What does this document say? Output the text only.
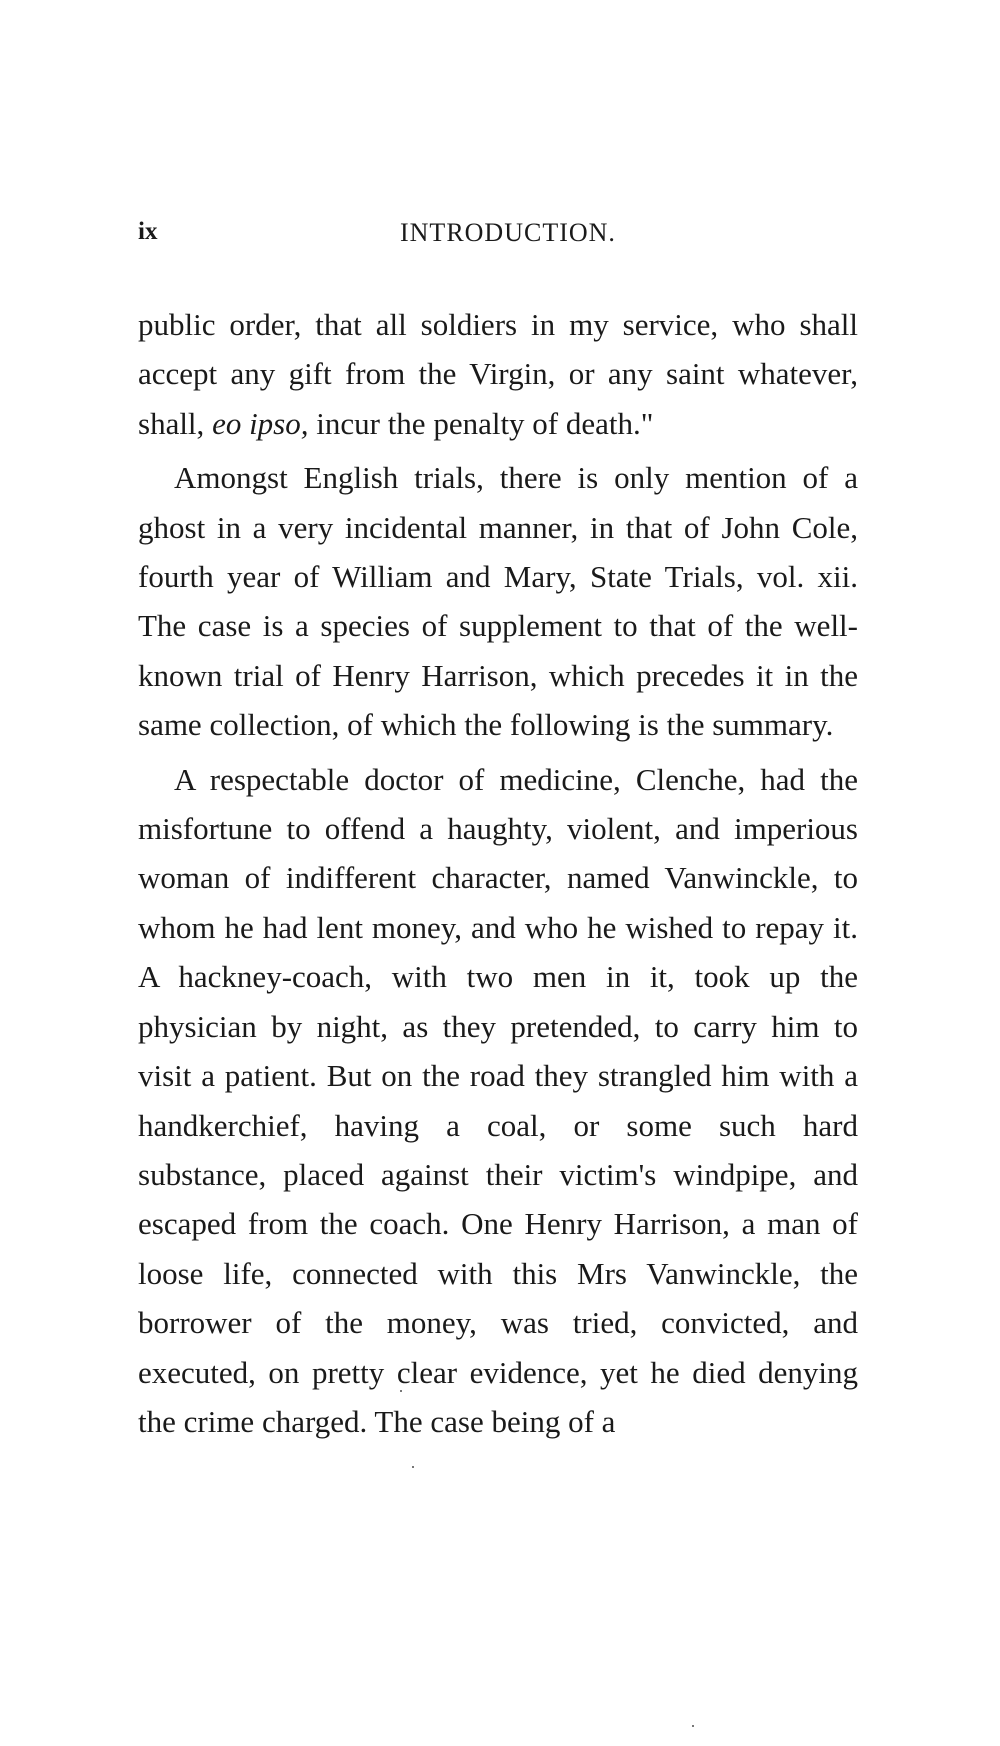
ix	INTRODUCTION.

public order, that all soldiers in my service, who shall accept any gift from the Virgin, or any saint whatever, shall, eo ipso, incur the penalty of death."

Amongst English trials, there is only mention of a ghost in a very incidental manner, in that of John Cole, fourth year of William and Mary, State Trials, vol. xii. The case is a species of supplement to that of the well-known trial of Henry Harrison, which precedes it in the same collection, of which the following is the summary.

A respectable doctor of medicine, Clenche, had the misfortune to offend a haughty, violent, and imperious woman of indifferent character, named Vanwinckle, to whom he had lent money, and who he wished to repay it. A hackney-coach, with two men in it, took up the physician by night, as they pretended, to carry him to visit a patient. But on the road they strangled him with a handkerchief, having a coal, or some such hard substance, placed against their victim's windpipe, and escaped from the coach. One Henry Harrison, a man of loose life, connected with this Mrs Vanwinckle, the borrower of the money, was tried, convicted, and executed, on pretty clear evidence, yet he died denying the crime charged. The case being of a
